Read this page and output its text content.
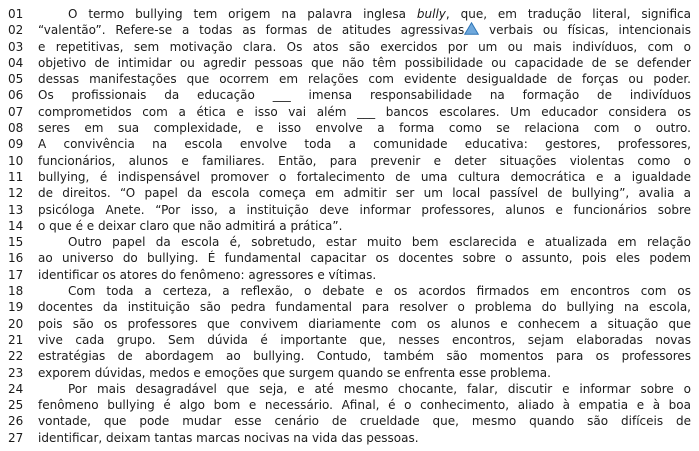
01	O termo bullying tem origem na palavra inglesa bully, que, em tradução literal, significa
02 “valentão”. Refere-se a todas as formas de atitudes agressivas
verbais ou físicas, intencionais
03 e repetitivas, sem motivação clara. Os atos são exercidos por um ou mais indivíduos, com o
04 objetivo de intimidar ou agredir pessoas que não têm possibilidade ou capacidade de se defender
05 dessas manifestações que ocorrem em relações com evidente desigualdade de forças ou poder.
06 Os profissionais da educação ___ imensa responsabilidade na formação de indivíduos
07 comprometidos com a ética e isso vai além ___ bancos escolares. Um educador considera os
08 seres em sua complexidade, e isso envolve a forma como se relaciona com o outro.
09 A convivência na escola envolve toda a comunidade educativa: gestores, professores,
10 funcionários, alunos e familiares. Então, para prevenir e deter situações violentas como o
11 bullying, é indispensável promover o fortalecimento de uma cultura democrática e a igualdade
12 de direitos. “O papel da escola começa em admitir ser um local passível de bullying”, avalia a
13 psicóloga Anete. “Por isso, a instituição deve informar professores, alunos e funcionários sobre
14 o que é e deixar claro que não admitirá a prática”.
15	Outro papel da escola é, sobretudo, estar muito bem esclarecida e atualizada em relação
16 ao universo do bullying. É fundamental capacitar os docentes sobre o assunto, pois eles podem
17 identificar os atores do fenômeno: agressores e vítimas.
18	Com toda a certeza, a reflexão, o debate e os acordos firmados em encontros com os
19 docentes da instituição são pedra fundamental para resolver o problema do bullying na escola,
20 pois são os professores que convivem diariamente com os alunos e conhecem a situação que
21 vive cada grupo. Sem dúvida é importante que, nesses encontros, sejam elaboradas novas
22 estratégias de abordagem ao bullying. Contudo, também são momentos para os professores
23 exporem dúvidas, medos e emoções que surgem quando se enfrenta esse problema.
24	Por mais desagradável que seja, e até mesmo chocante, falar, discutir e informar sobre o
25 fenômeno bullying é algo bom e necessário. Afinal, é o conhecimento, aliado à empatia e à boa
26 vontade, que pode mudar esse cenário de crueldade que, mesmo quando são difíceis de
27 identificar, deixam tantas marcas nocivas na vida das pessoas.
